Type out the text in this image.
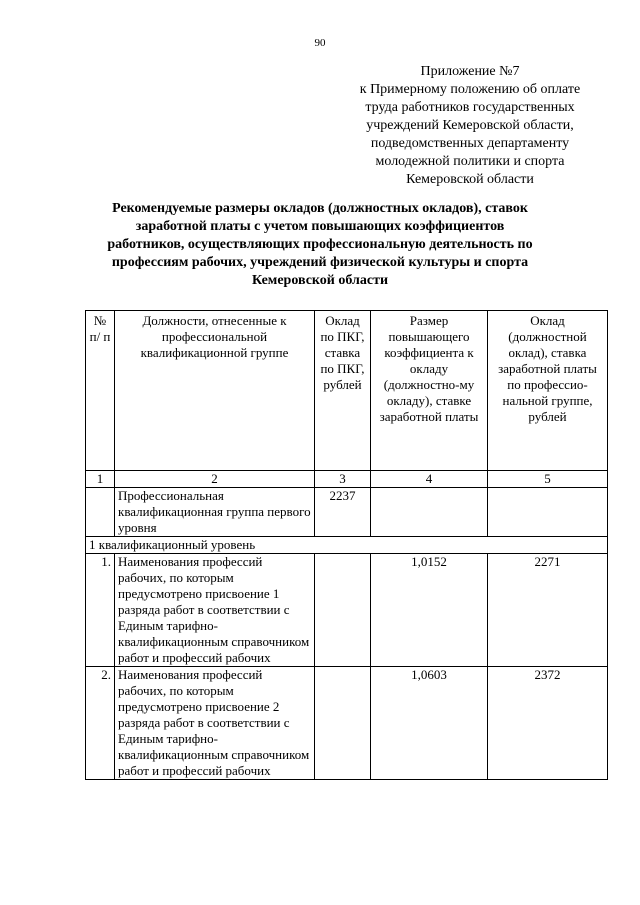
90
Приложение №7
к Примерному положению об оплате
труда работников государственных
учреждений Кемеровской области,
подведомственных департаменту
молодежной политики и спорта
Кемеровской области
Рекомендуемые размеры окладов (должностных окладов), ставок
заработной платы с учетом повышающих коэффициентов
работников, осуществляющих профессиональную деятельность по
профессиям рабочих, учреждений физической культуры и спорта
Кемеровской области
№ п/ п	Должности, отнесенные к профессиональной квалификационной группе	Оклад по ПКГ, ставка по ПКГ, рублей	Размер повышающего коэффициента к окладу (должностно-му окладу), ставке заработной платы	Оклад (должностной оклад), ставка заработной платы по профессио-нальной группе, рублей
1	2	3	4	5
	Профессиональная квалификационная группа первого уровня	2237		
1 квалификационный уровень				
1.	Наименования профессий рабочих, по которым предусмотрено присвоение 1 разряда работ в соответствии с Единым тарифно-квалификационным справочником работ и профессий рабочих		1,0152	2271
2.	Наименования профессий рабочих, по которым предусмотрено присвоение 2 разряда работ в соответствии с Единым тарифно-квалификационным справочником работ и профессий рабочих		1,0603	2372
